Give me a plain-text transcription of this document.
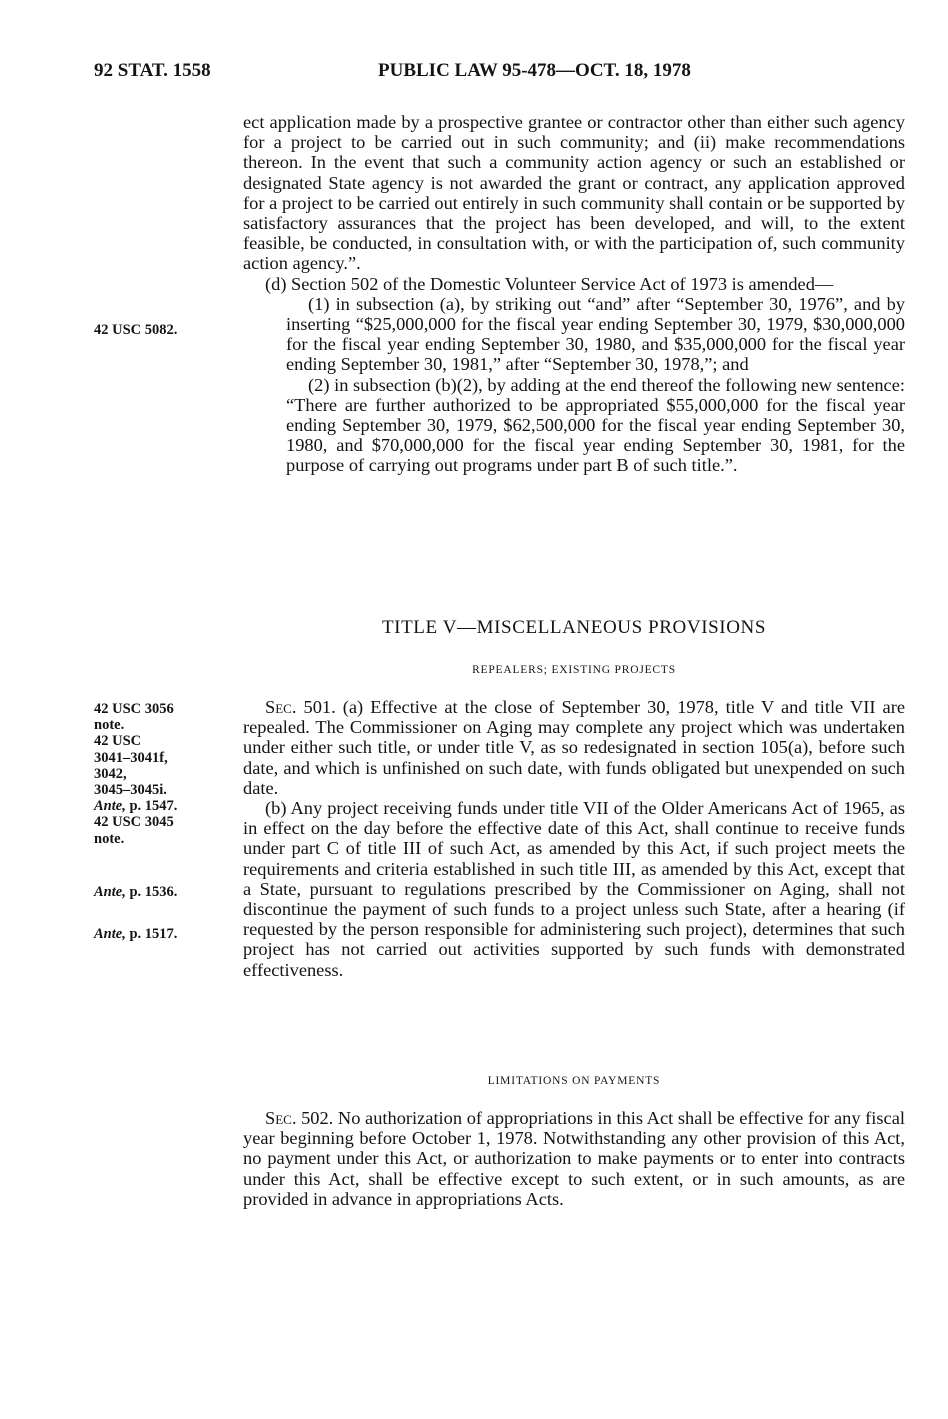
92 STAT. 1558	PUBLIC LAW 95-478—OCT. 18, 1978

ect application made by a prospective grantee or contractor other than either such agency for a project to be carried out in such community; and (ii) make recommendations thereon. In the event that such a community action agency or such an established or designated State agency is not awarded the grant or contract, any application approved for a project to be carried out entirely in such community shall contain or be supported by satisfactory assurances that the project has been developed, and will, to the extent feasible, be conducted, in consultation with, or with the participation of, such community action agency.”.

(d) Section 502 of the Domestic Volunteer Service Act of 1973 is amended—

(1) in subsection (a), by striking out “and” after “September 30, 1976”, and by inserting “$25,000,000 for the fiscal year ending September 30, 1979, $30,000,000 for the fiscal year ending September 30, 1980, and $35,000,000 for the fiscal year ending September 30, 1981,” after “September 30, 1978,”; and

(2) in subsection (b)(2), by adding at the end thereof the following new sentence: “There are further authorized to be appropriated $55,000,000 for the fiscal year ending September 30, 1979, $62,500,000 for the fiscal year ending September 30, 1980, and $70,000,000 for the fiscal year ending September 30, 1981, for the purpose of carrying out programs under part B of such title.”.

TITLE V—MISCELLANEOUS PROVISIONS
REPEALERS; EXISTING PROJECTS

Sec. 501. (a) Effective at the close of September 30, 1978, title V and title VII are repealed. The Commissioner on Aging may complete any project which was undertaken under either such title, or under title V, as so redesignated in section 105(a), before such date, and which is unfinished on such date, with funds obligated but unexpended on such date.

(b) Any project receiving funds under title VII of the Older Americans Act of 1965, as in effect on the day before the effective date of this Act, shall continue to receive funds under part C of title III of such Act, as amended by this Act, if such project meets the requirements and criteria established in such title III, as amended by this Act, except that a State, pursuant to regulations prescribed by the Commissioner on Aging, shall not discontinue the payment of such funds to a project unless such State, after a hearing (if requested by the person responsible for administering such project), determines that such project has not carried out activities supported by such funds with demonstrated effectiveness.

LIMITATIONS ON PAYMENTS

Sec. 502. No authorization of appropriations in this Act shall be effective for any fiscal year beginning before October 1, 1978. Notwithstanding any other provision of this Act, no payment under this Act, or authorization to make payments or to enter into contracts under this Act, shall be effective except to such extent, or in such amounts, as are provided in advance in appropriations Acts.

42 USC 5082.
42 USC 3056
note.
42 USC
3041–3041f,
3042,
3045–3045i.
Ante, p. 1547.
42 USC 3045
note.
Ante, p. 1536.
Ante, p. 1517.
